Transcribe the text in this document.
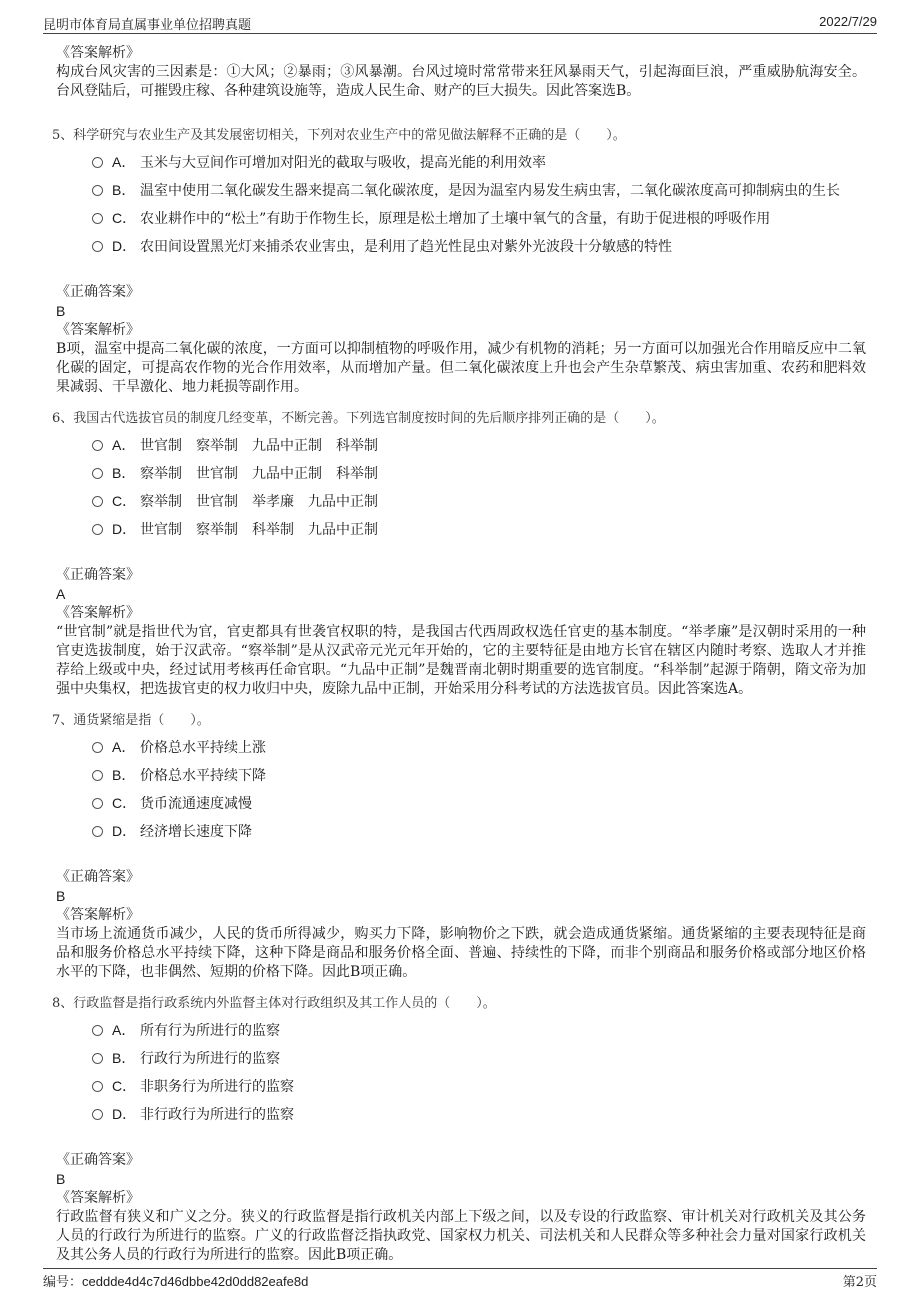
昆明市体育局直属事业单位招聘真题	2022/7/29
《答案解析》
构成台风灾害的三因素是：①大风；②暴雨；③风暴潮。台风过境时常常带来狂风暴雨天气，引起海面巨浪，严重威胁航海安全。台风登陆后，可摧毁庄稼、各种建筑设施等，造成人民生命、财产的巨大损失。因此答案选B。
5、科学研究与农业生产及其发展密切相关，下列对农业生产中的常见做法解释不正确的是（　　）。
A． 玉米与大豆间作可增加对阳光的截取与吸收，提高光能的利用效率
B． 温室中使用二氧化碳发生器来提高二氧化碳浓度，是因为温室内易发生病虫害，二氧化碳浓度高可抑制病虫的生长
C． 农业耕作中的“松土”有助于作物生长，原理是松土增加了土壤中氧气的含量，有助于促进根的呼吸作用
D． 农田间设置黑光灯来捕杀农业害虫，是利用了趋光性昆虫对紫外光波段十分敏感的特性
《正确答案》
B
《答案解析》
B项，温室中提高二氧化碳的浓度，一方面可以抑制植物的呼吸作用，减少有机物的消耗；另一方面可以加强光合作用暗反应中二氧化碳的固定，可提高农作物的光合作用效率，从而增加产量。但二氧化碳浓度上升也会产生杂草繁茂、病虫害加重、农药和肥料效果减弱、干旱激化、地力耗损等副作用。
6、我国古代选拔官员的制度几经变革，不断完善。下列选官制度按时间的先后顺序排列正确的是（　　）。
A． 世官制　察举制　九品中正制　科举制
B． 察举制　世官制　九品中正制　科举制
C． 察举制　世官制　举孝廉　九品中正制
D． 世官制　察举制　科举制　九品中正制
《正确答案》
A
《答案解析》
“世官制”就是指世代为官，官吏都具有世袭官权职的特，是我国古代西周政权选任官吏的基本制度。“举孝廉”是汉朝时采用的一种官吏选拔制度，始于汉武帝。“察举制”是从汉武帝元光元年开始的，它的主要特征是由地方长官在辖区内随时考察、选取人才并推荐给上级或中央，经过试用考核再任命官职。“九品中正制”是魏晋南北朝时期重要的选官制度。“科举制”起源于隋朝，隋文帝为加强中央集权，把选拔官吏的权力收归中央，废除九品中正制，开始采用分科考试的方法选拔官员。因此答案选A。
7、通货紧缩是指（　　）。
A． 价格总水平持续上涨
B． 价格总水平持续下降
C． 货币流通速度减慢
D． 经济增长速度下降
《正确答案》
B
《答案解析》
当市场上流通货币减少，人民的货币所得减少，购买力下降，影响物价之下跌，就会造成通货紧缩。通货紧缩的主要表现特征是商品和服务价格总水平持续下降，这种下降是商品和服务价格全面、普遍、持续性的下降，而非个别商品和服务价格或部分地区价格水平的下降，也非偶然、短期的价格下降。因此B项正确。
8、行政监督是指行政系统内外监督主体对行政组织及其工作人员的（　　）。
A． 所有行为所进行的监察
B． 行政行为所进行的监察
C． 非职务行为所进行的监察
D． 非行政行为所进行的监察
《正确答案》
B
《答案解析》
行政监督有狭义和广义之分。狭义的行政监督是指行政机关内部上下级之间，以及专设的行政监察、审计机关对行政机关及其公务人员的行政行为所进行的监察。广义的行政监督泛指执政党、国家权力机关、司法机关和人民群众等多种社会力量对国家行政机关及其公务人员的行政行为所进行的监察。因此B项正确。
编号：ceddde4d4c7d46dbbe42d0dd82eafe8d	第2页
